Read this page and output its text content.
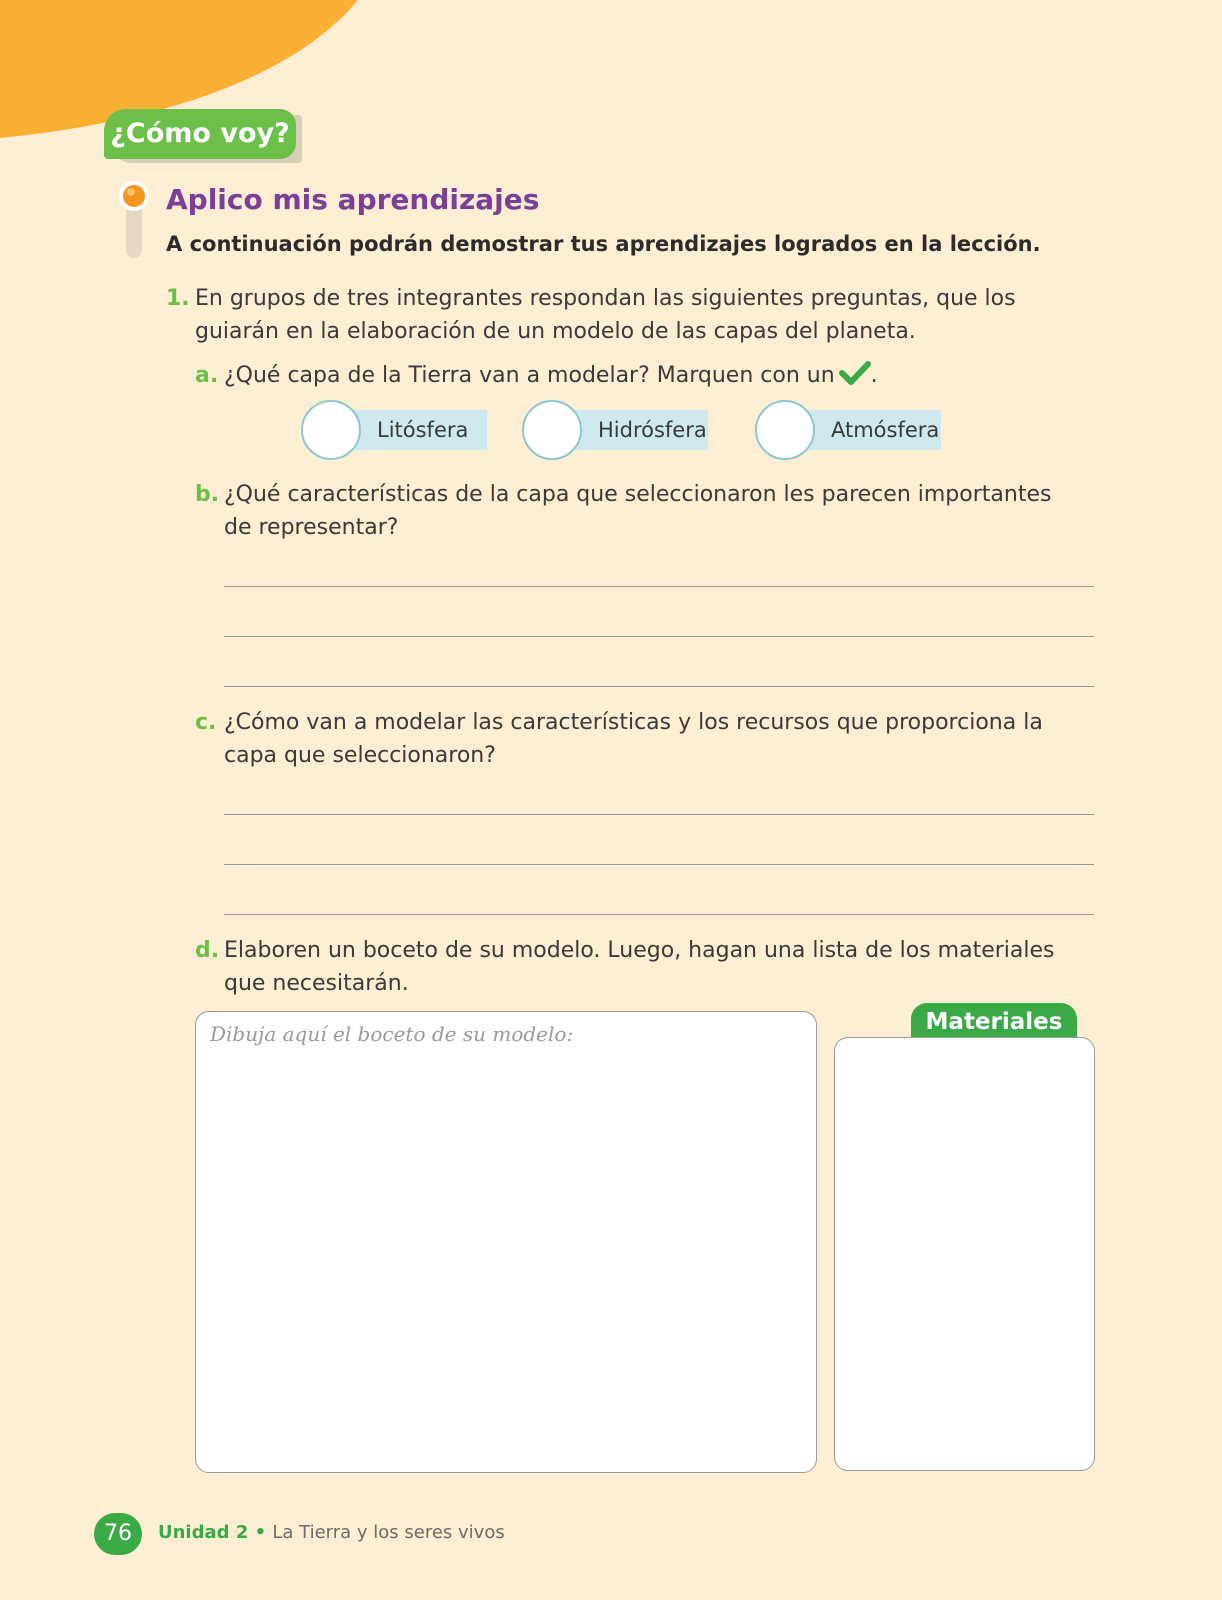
¿Cómo voy?
Aplico mis aprendizajes

A continuación podrán demostrar tus aprendizajes logrados en la lección.

1. En grupos de tres integrantes respondan las siguientes preguntas, que los guiarán en la elaboración de un modelo de las capas del planeta.
a. ¿Qué capa de la Tierra van a modelar? Marquen con un .
Litósfera	Hidrósfera	Atmósfera
b. ¿Qué características de la capa que seleccionaron les parecen importantes de representar?
c. ¿Cómo van a modelar las características y los recursos que proporciona la capa que seleccionaron?
d. Elaboren un boceto de su modelo. Luego, hagan una lista de los materiales que necesitarán.
Dibuja aquí el boceto de su modelo:	Materiales
76	Unidad 2 • La Tierra y los seres vivos
